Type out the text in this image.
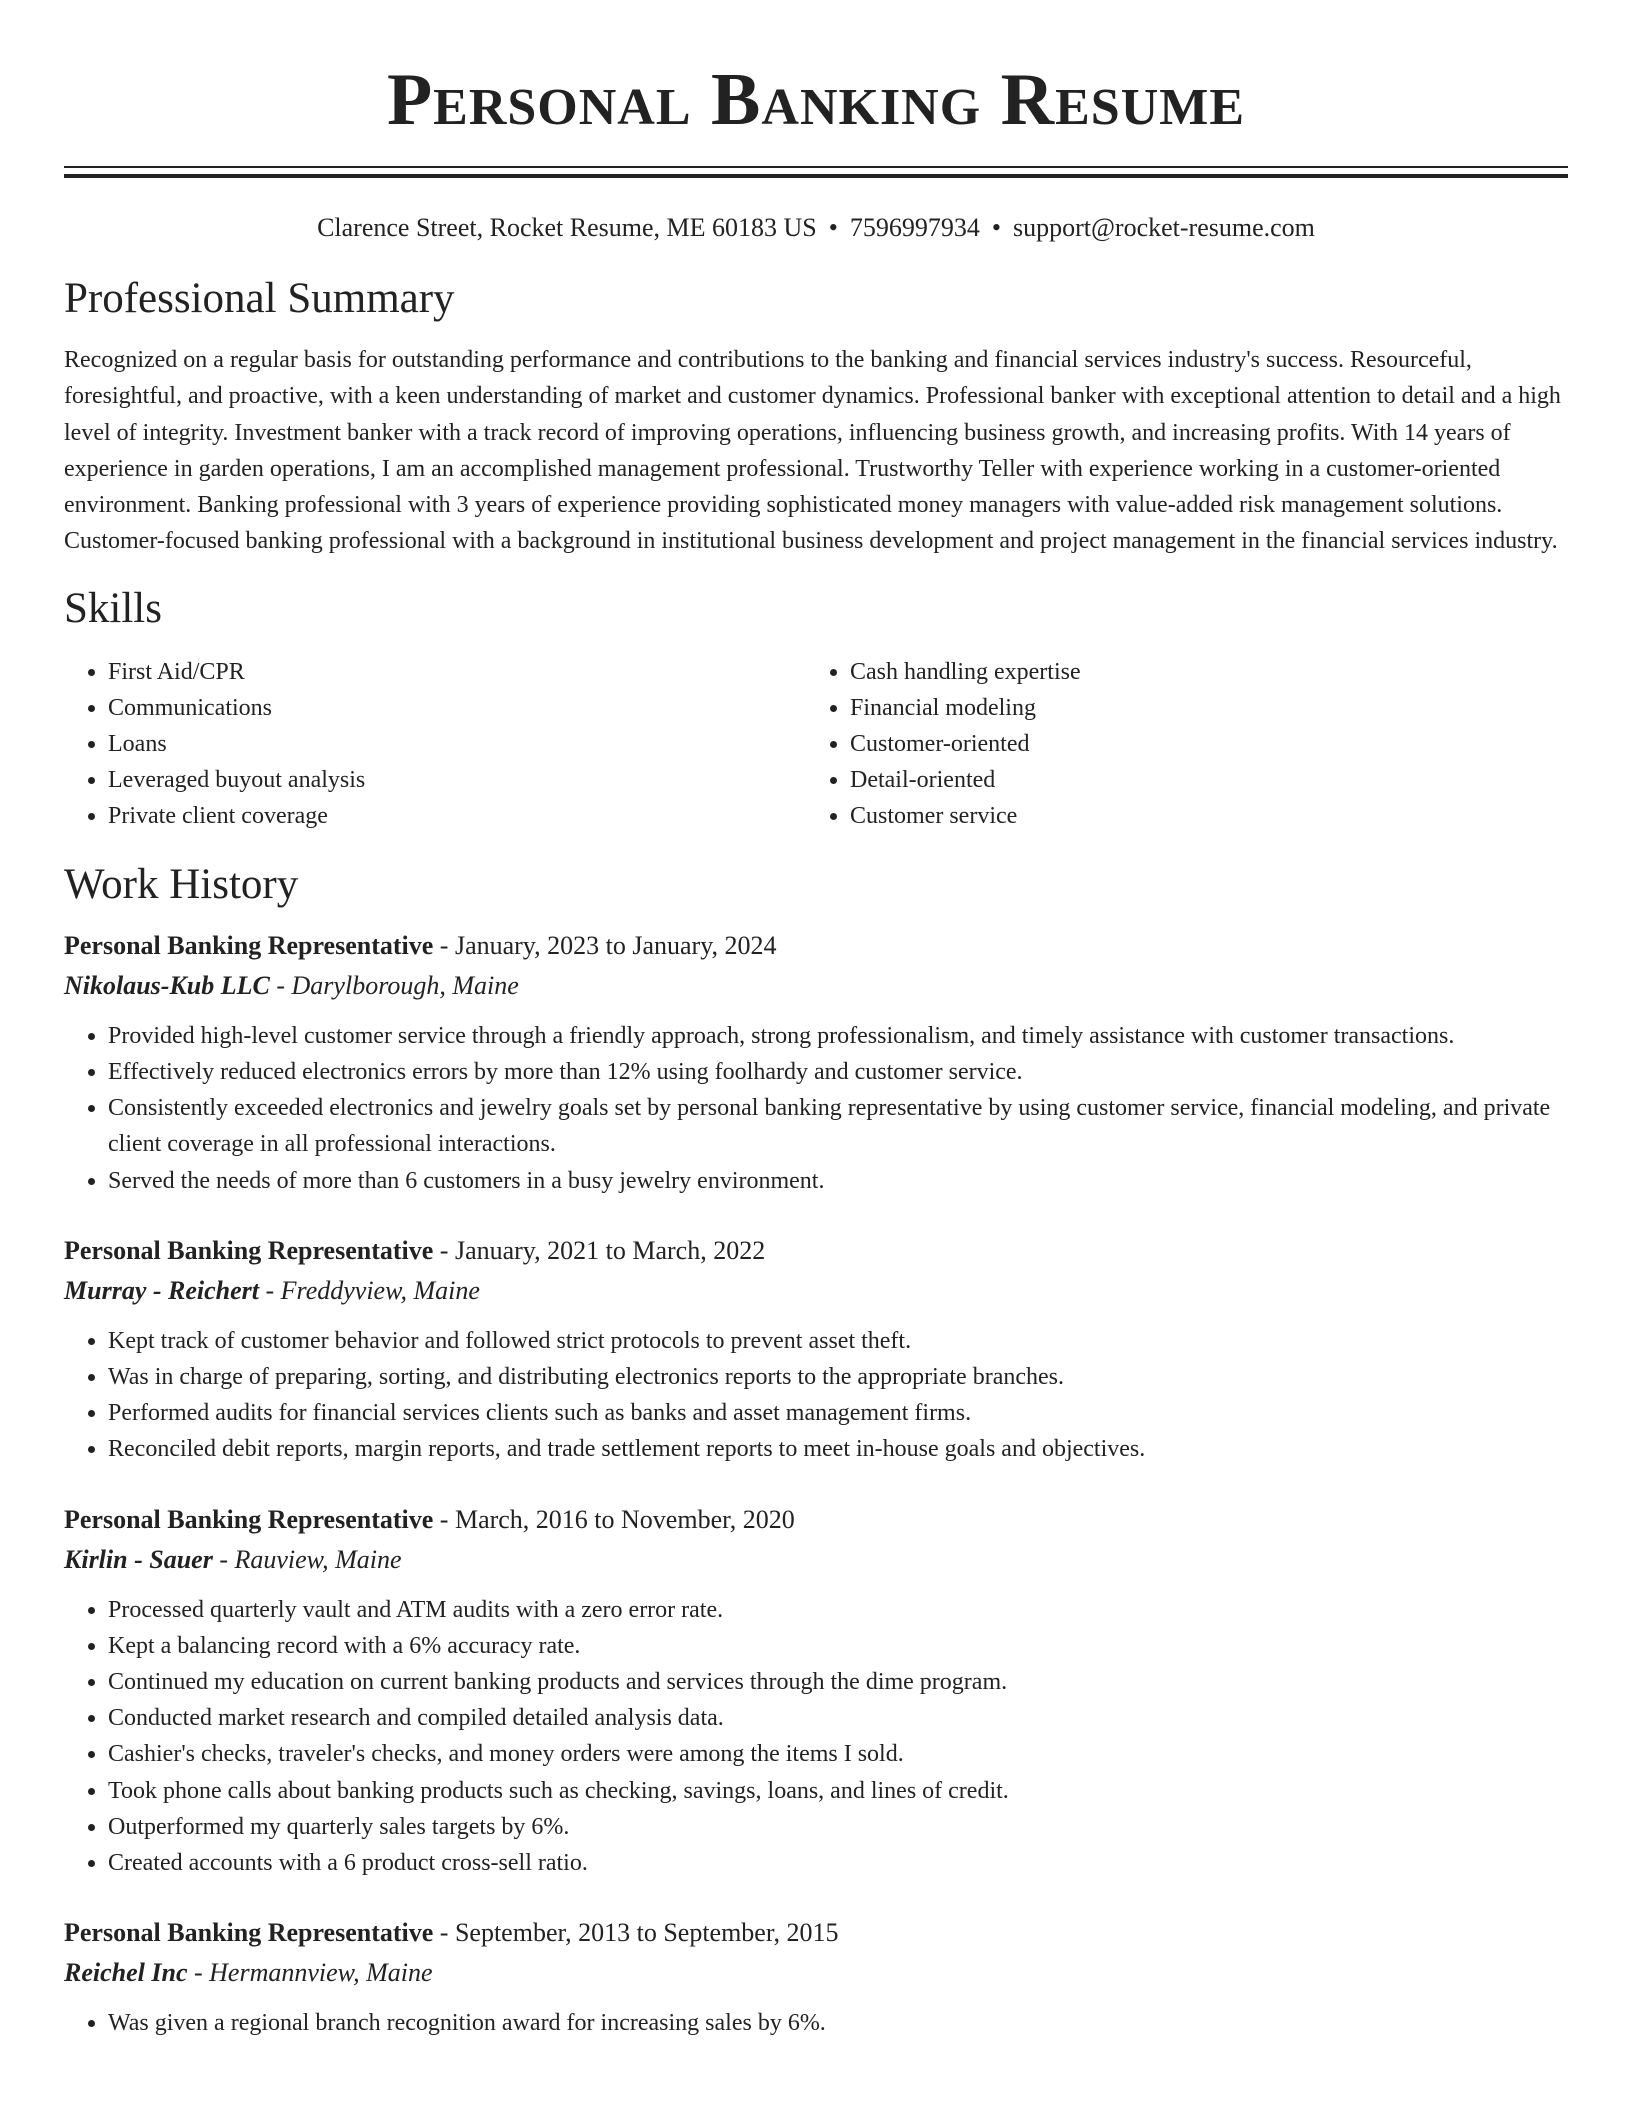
Personal Banking Resume
Clarence Street, Rocket Resume, ME 60183 US • 7596997934 • support@rocket-resume.com
Professional Summary

Recognized on a regular basis for outstanding performance and contributions to the banking and financial services industry's success. Resourceful, foresightful, and proactive, with a keen understanding of market and customer dynamics. Professional banker with exceptional attention to detail and a high level of integrity. Investment banker with a track record of improving operations, influencing business growth, and increasing profits. With 14 years of experience in garden operations, I am an accomplished management professional. Trustworthy Teller with experience working in a customer-oriented environment. Banking professional with 3 years of experience providing sophisticated money managers with value-added risk management solutions. Customer-focused banking professional with a background in institutional business development and project management in the financial services industry.

Skills
• First Aid/CPR
• Communications
• Loans
• Leveraged buyout analysis
• Private client coverage
• Cash handling expertise
• Financial modeling
• Customer-oriented
• Detail-oriented
• Customer service
Work History

Personal Banking Representative - January, 2023 to January, 2024

Nikolaus-Kub LLC - Darylborough, Maine

• Provided high-level customer service through a friendly approach, strong professionalism, and timely assistance with customer transactions.
• Effectively reduced electronics errors by more than 12% using foolhardy and customer service.
• Consistently exceeded electronics and jewelry goals set by personal banking representative by using customer service, financial modeling, and private client coverage in all professional interactions.
• Served the needs of more than 6 customers in a busy jewelry environment.

Personal Banking Representative - January, 2021 to March, 2022

Murray - Reichert - Freddyview, Maine

• Kept track of customer behavior and followed strict protocols to prevent asset theft.
• Was in charge of preparing, sorting, and distributing electronics reports to the appropriate branches.
• Performed audits for financial services clients such as banks and asset management firms.
• Reconciled debit reports, margin reports, and trade settlement reports to meet in-house goals and objectives.

Personal Banking Representative - March, 2016 to November, 2020

Kirlin - Sauer - Rauview, Maine

• Processed quarterly vault and ATM audits with a zero error rate.
• Kept a balancing record with a 6% accuracy rate.
• Continued my education on current banking products and services through the dime program.
• Conducted market research and compiled detailed analysis data.
• Cashier's checks, traveler's checks, and money orders were among the items I sold.
• Took phone calls about banking products such as checking, savings, loans, and lines of credit.
• Outperformed my quarterly sales targets by 6%.
• Created accounts with a 6 product cross-sell ratio.

Personal Banking Representative - September, 2013 to September, 2015

Reichel Inc - Hermannview, Maine

• Was given a regional branch recognition award for increasing sales by 6%.
